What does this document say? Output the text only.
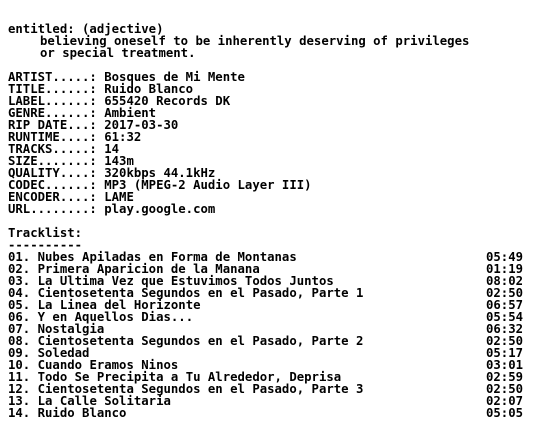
entitled: (adjective)
believing oneself to be inherently deserving of privileges
or special treatment.
ARTIST.....: Bosques de Mi Mente
TITLE......: Ruido Blanco
LABEL......: 655420 Records DK
GENRE......: Ambient
RIP DATE...: 2017-03-30
RUNTIME....: 61:32
TRACKS.....: 14
SIZE.......: 143m
QUALITY....: 320kbps 44.1kHz
CODEC......: MP3 (MPEG-2 Audio Layer III)
ENCODER....: LAME
URL........: play.google.com
Tracklist:
----------
01. Nubes Apiladas en Forma de Montanas	05:49
02. Primera Aparicion de la Manana	01:19
03. La Ultima Vez que Estuvimos Todos Juntos	08:02
04. Cientosetenta Segundos en el Pasado, Parte 1	02:50
05. La Linea del Horizonte	06:57
06. Y en Aquellos Dias...	05:54
07. Nostalgia	06:32
08. Cientosetenta Segundos en el Pasado, Parte 2	02:50
09. Soledad	05:17
10. Cuando Eramos Ninos	03:01
11. Todo Se Precipita a Tu Alrededor, Deprisa	02:59
12. Cientosetenta Segundos en el Pasado, Parte 3	02:50
13. La Calle Solitaria	02:07
14. Ruido Blanco	05:05
